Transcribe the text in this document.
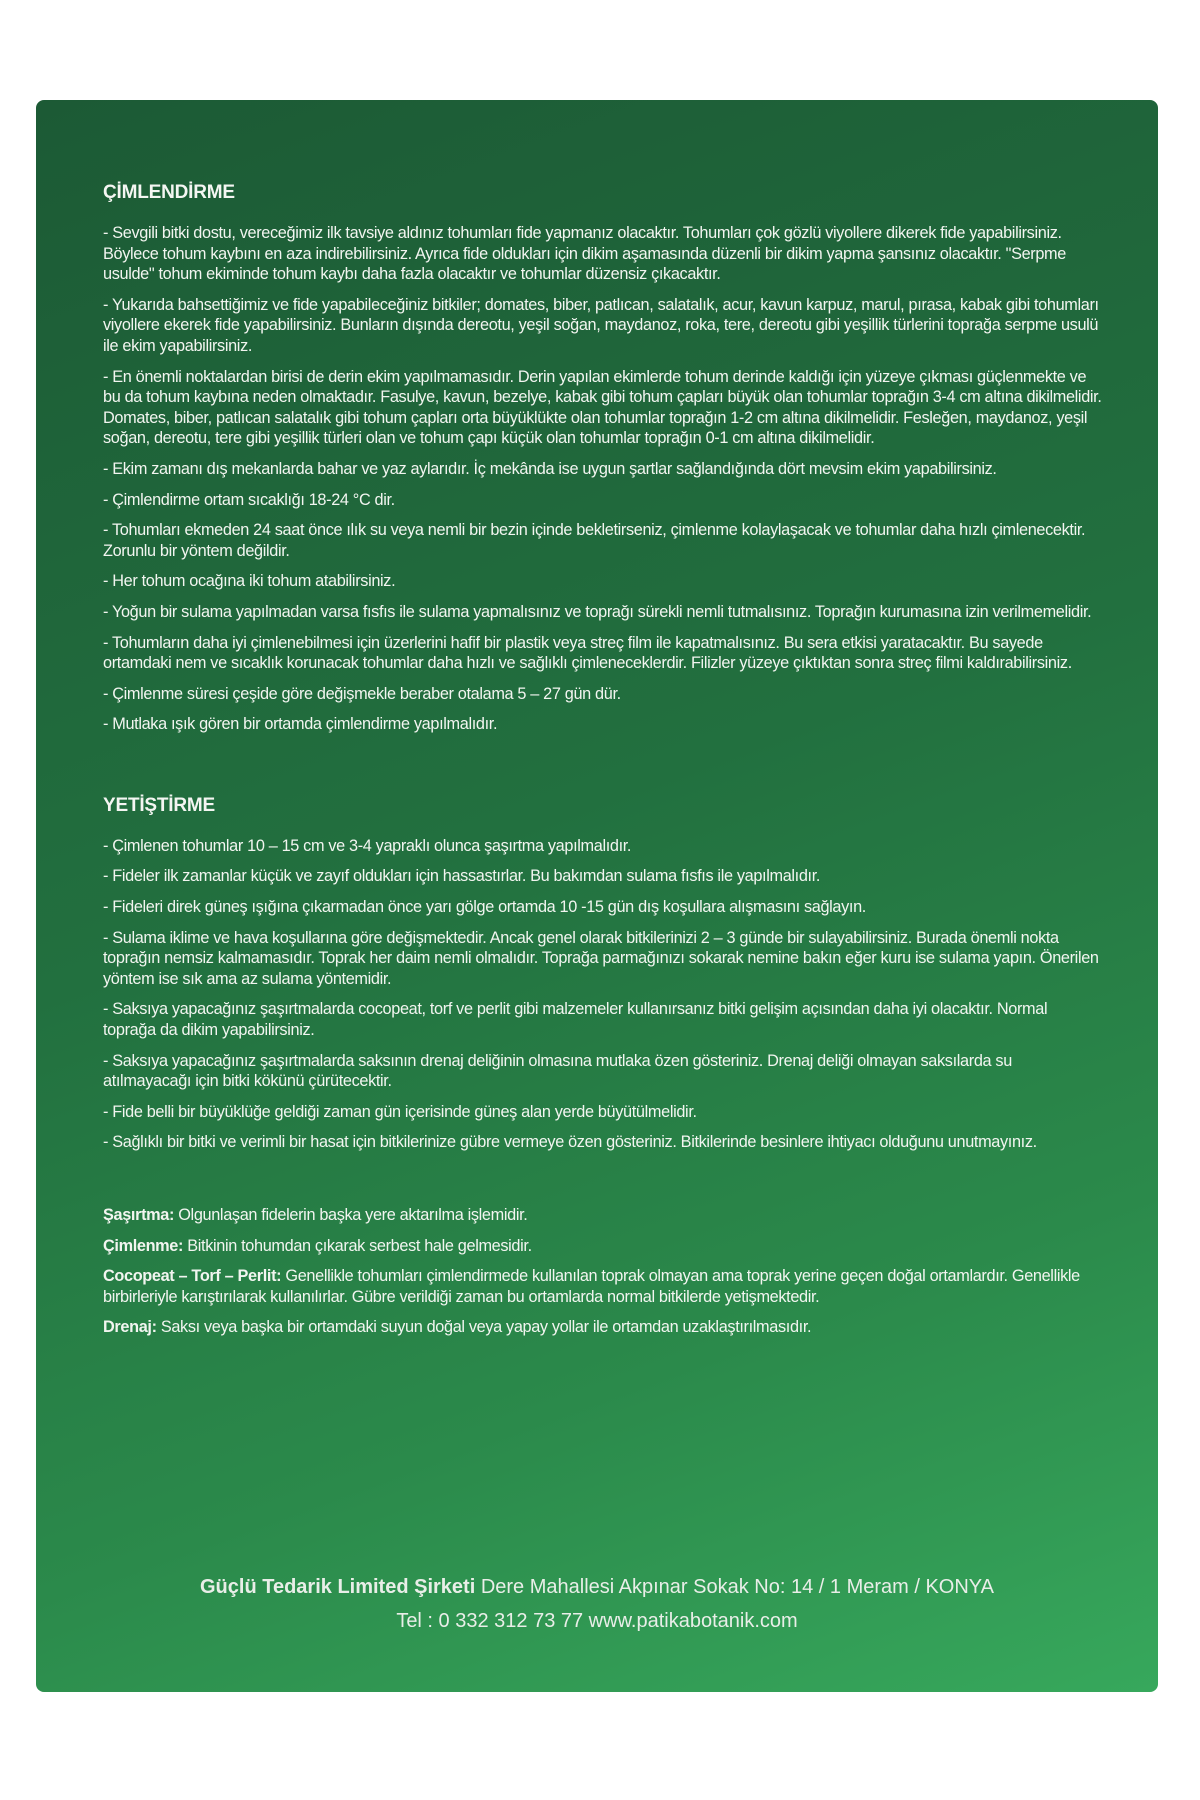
ÇİMLENDİRME

- Sevgili bitki dostu, vereceğimiz ilk tavsiye aldınız tohumları fide yapmanız olacaktır. Tohumları çok gözlü viyollere dikerek fide yapabilirsiniz. Böylece tohum kaybını en aza indirebilirsiniz. Ayrıca fide oldukları için dikim aşamasında düzenli bir dikim yapma şansınız olacaktır. "Serpme usulde" tohum ekiminde tohum kaybı daha fazla olacaktır ve tohumlar düzensiz çıkacaktır.

- Yukarıda bahsettiğimiz ve fide yapabileceğiniz bitkiler; domates, biber, patlıcan, salatalık, acur, kavun karpuz, marul, pırasa, kabak gibi tohumları viyollere ekerek fide yapabilirsiniz. Bunların dışında dereotu, yeşil soğan, maydanoz, roka, tere, dereotu gibi yeşillik türlerini toprağa serpme usulü ile ekim yapabilirsiniz.

- En önemli noktalardan birisi de derin ekim yapılmamasıdır. Derin yapılan ekimlerde tohum derinde kaldığı için yüzeye çıkması güçlenmekte ve bu da tohum kaybına neden olmaktadır. Fasulye, kavun, bezelye, kabak gibi tohum çapları büyük olan tohumlar toprağın 3-4 cm altına dikilmelidir. Domates, biber, patlıcan salatalık gibi tohum çapları orta büyüklükte olan tohumlar toprağın 1-2 cm altına dikilmelidir. Fesleğen, maydanoz, yeşil soğan, dereotu, tere gibi yeşillik türleri olan ve tohum çapı küçük olan tohumlar toprağın 0-1 cm altına dikilmelidir.

- Ekim zamanı dış mekanlarda bahar ve yaz aylarıdır. İç mekânda ise uygun şartlar sağlandığında dört mevsim ekim yapabilirsiniz.

- Çimlendirme ortam sıcaklığı 18-24 °C dir.

- Tohumları ekmeden 24 saat önce ılık su veya nemli bir bezin içinde bekletirseniz, çimlenme kolaylaşacak ve tohumlar daha hızlı çimlenecektir. Zorunlu bir yöntem değildir.

- Her tohum ocağına iki tohum atabilirsiniz.

- Yoğun bir sulama yapılmadan varsa fısfıs ile sulama yapmalısınız ve toprağı sürekli nemli tutmalısınız. Toprağın kurumasına izin verilmemelidir.

- Tohumların daha iyi çimlenebilmesi için üzerlerini hafif bir plastik veya streç film ile kapatmalısınız. Bu sera etkisi yaratacaktır. Bu sayede ortamdaki nem ve sıcaklık korunacak tohumlar daha hızlı ve sağlıklı çimleneceklerdir. Filizler yüzeye çıktıktan sonra streç filmi kaldırabilirsiniz.

- Çimlenme süresi çeşide göre değişmekle beraber otalama 5 – 27 gün dür.

- Mutlaka ışık gören bir ortamda çimlendirme yapılmalıdır.

YETİŞTİRME

- Çimlenen tohumlar 10 – 15 cm ve 3-4 yapraklı olunca şaşırtma yapılmalıdır.

- Fideler ilk zamanlar küçük ve zayıf oldukları için hassastırlar. Bu bakımdan sulama fısfıs ile yapılmalıdır.

- Fideleri direk güneş ışığına çıkarmadan önce yarı gölge ortamda 10 -15 gün dış koşullara alışmasını sağlayın.

- Sulama iklime ve hava koşullarına göre değişmektedir. Ancak genel olarak bitkilerinizi 2 – 3 günde bir sulayabilirsiniz. Burada önemli nokta toprağın nemsiz kalmamasıdır. Toprak her daim nemli olmalıdır. Toprağa parmağınızı sokarak nemine bakın eğer kuru ise sulama yapın. Önerilen yöntem ise sık ama az sulama yöntemidir.

- Saksıya yapacağınız şaşırtmalarda cocopeat, torf ve perlit gibi malzemeler kullanırsanız bitki gelişim açısından daha iyi olacaktır. Normal toprağa da dikim yapabilirsiniz.

- Saksıya yapacağınız şaşırtmalarda saksının drenaj deliğinin olmasına mutlaka özen gösteriniz. Drenaj deliği olmayan saksılarda su atılmayacağı için bitki kökünü çürütecektir.

- Fide belli bir büyüklüğe geldiği zaman gün içerisinde güneş alan yerde büyütülmelidir.

- Sağlıklı bir bitki ve verimli bir hasat için bitkilerinize gübre vermeye özen gösteriniz. Bitkilerinde besinlere ihtiyacı olduğunu unutmayınız.

Şaşırtma: Olgunlaşan fidelerin başka yere aktarılma işlemidir.

Çimlenme: Bitkinin tohumdan çıkarak serbest hale gelmesidir.

Cocopeat – Torf – Perlit: Genellikle tohumları çimlendirmede kullanılan toprak olmayan ama toprak yerine geçen doğal ortamlardır. Genellikle birbirleriyle karıştırılarak kullanılırlar. Gübre verildiği zaman bu ortamlarda normal bitkilerde yetişmektedir.

Drenaj: Saksı veya başka bir ortamdaki suyun doğal veya yapay yollar ile ortamdan uzaklaştırılmasıdır.

Güçlü Tedarik Limited Şirketi Dere Mahallesi Akpınar Sokak No: 14 / 1 Meram / KONYA
Tel : 0 332 312 73 77 www.patikabotanik.com
